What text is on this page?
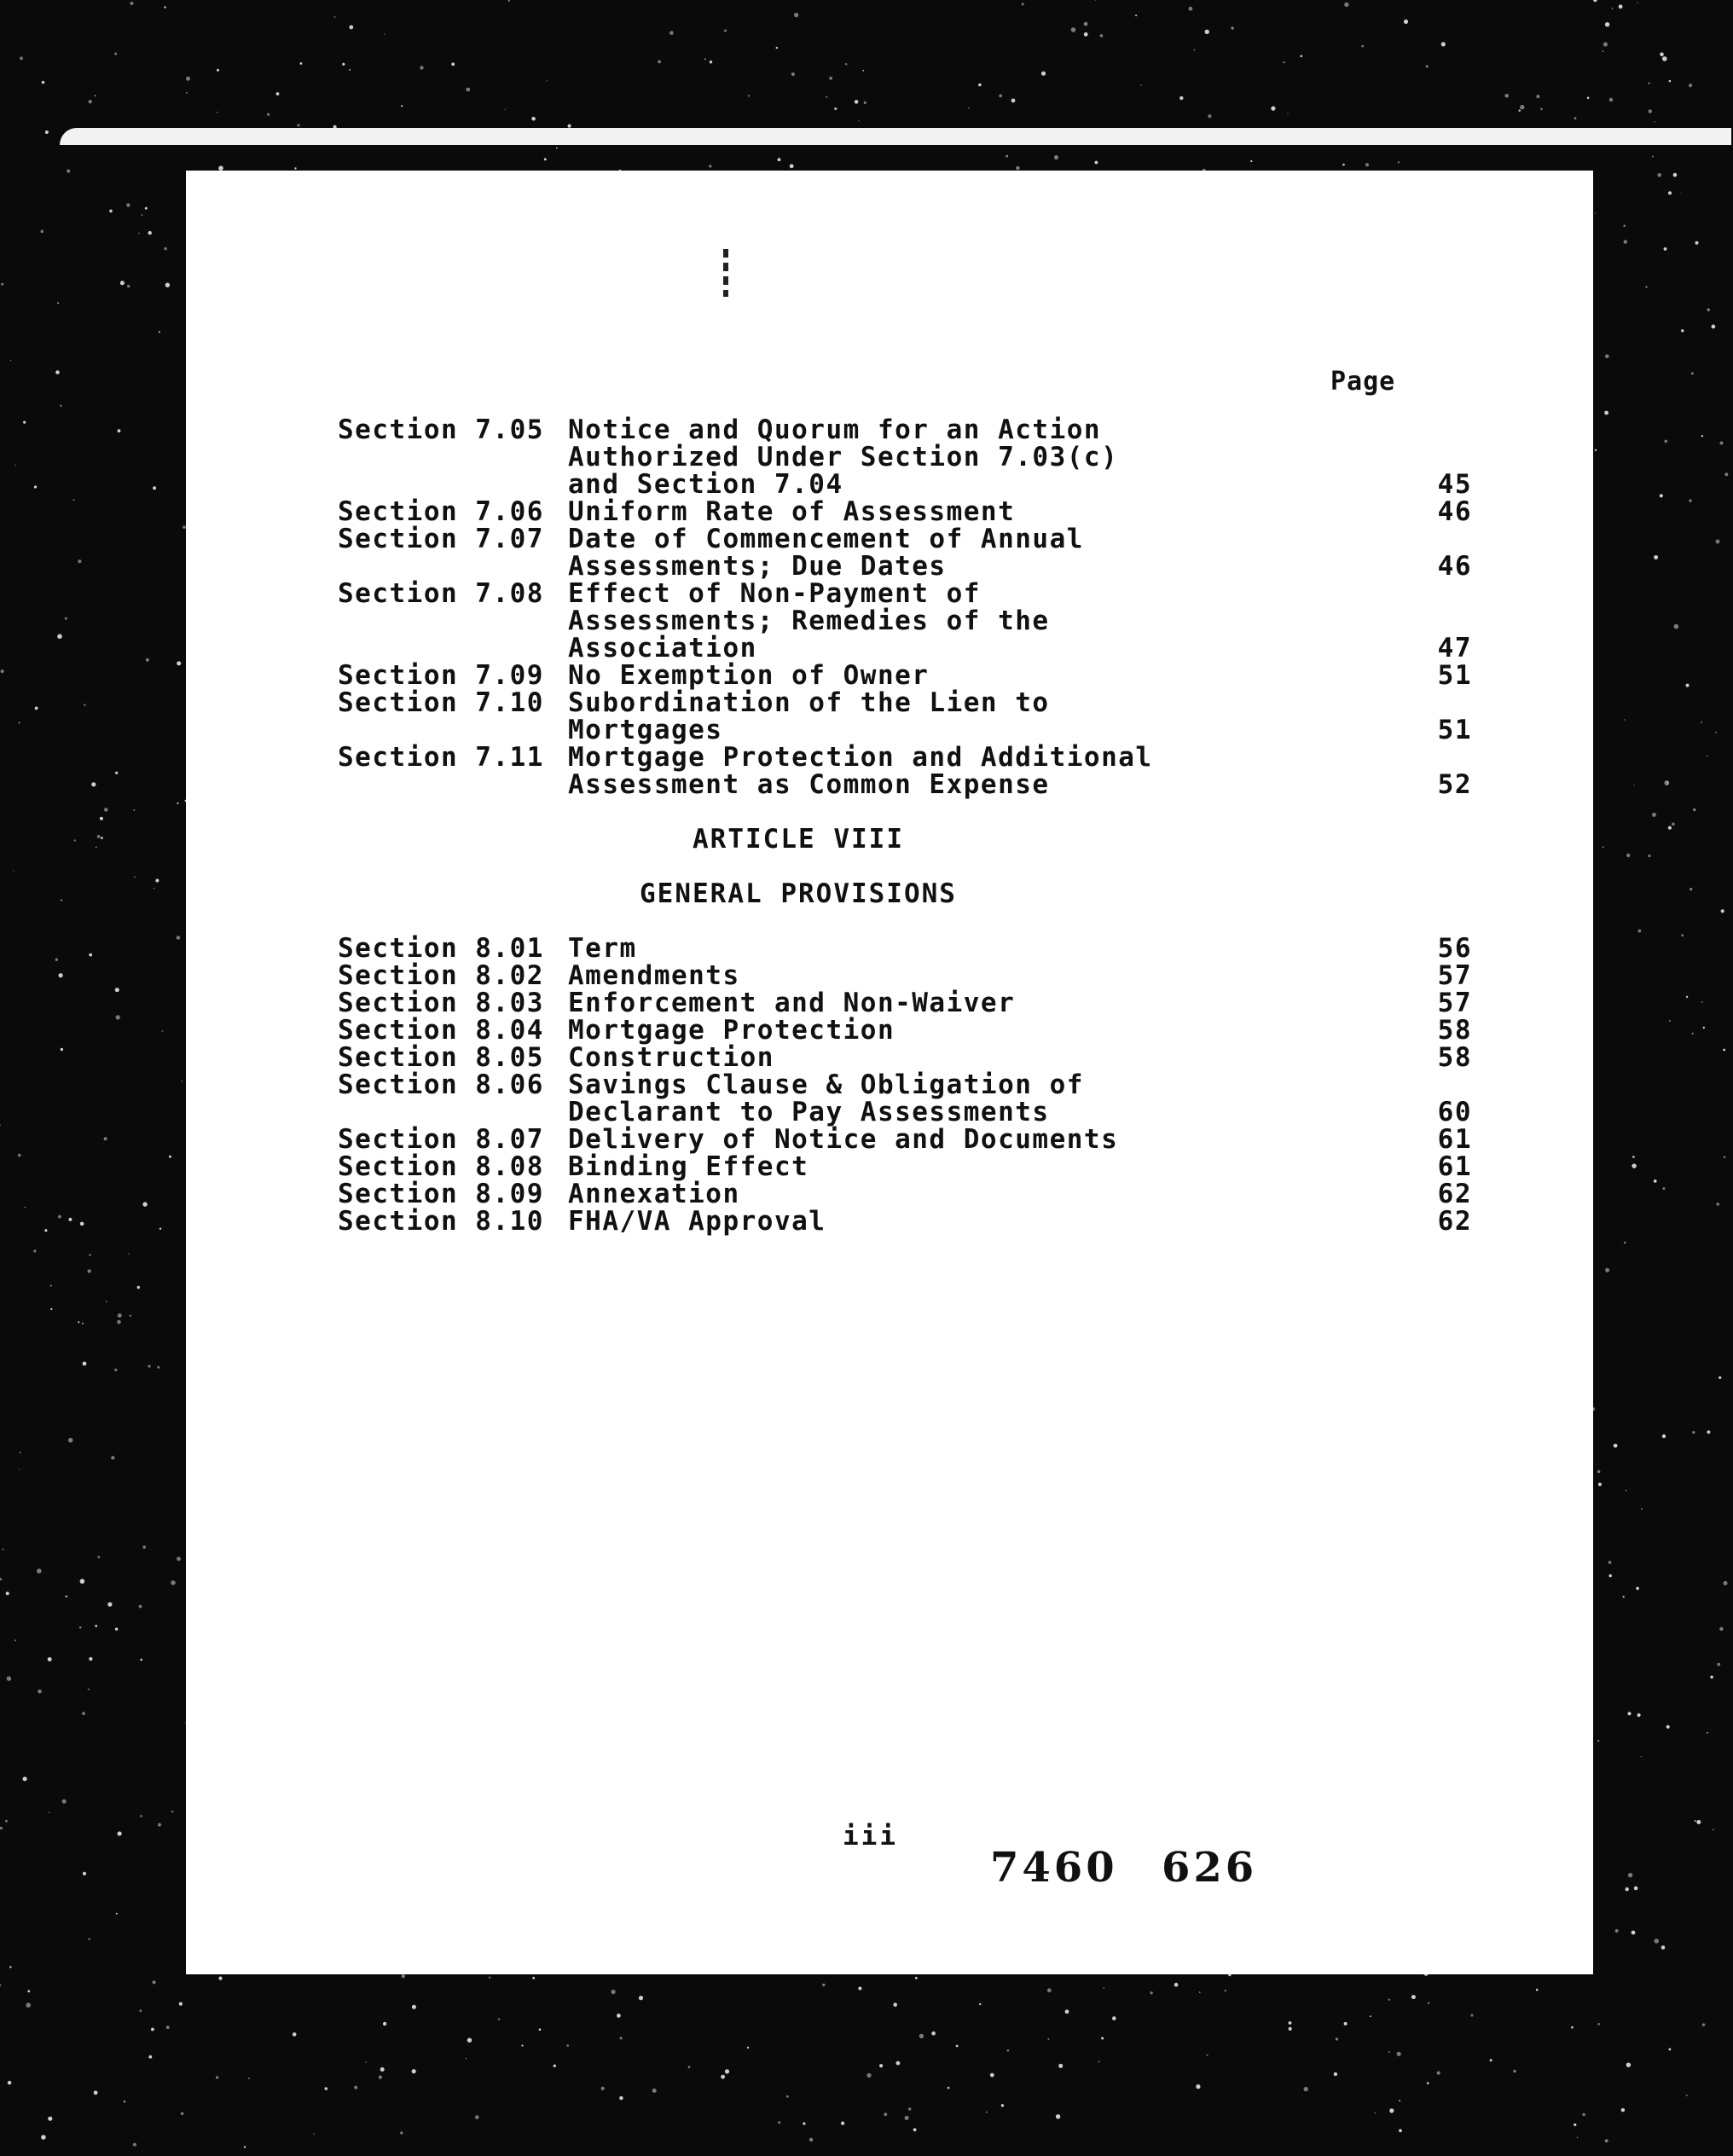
Page
Section 7.05 Notice and Quorum for an Action
Authorized Under Section 7.03(c)
and Section 7.04	45
Section 7.06 Uniform Rate of Assessment	46
Section 7.07 Date of Commencement of Annual
Assessments; Due Dates	46
Section 7.08 Effect of Non-Payment of
Assessments; Remedies of the
Association	47
Section 7.09 No Exemption of Owner	51
Section 7.10 Subordination of the Lien to
Mortgages	51
Section 7.11 Mortgage Protection and Additional
Assessment as Common Expense	52
ARTICLE VIII
GENERAL PROVISIONS
Section 8.01 Term	56
Section 8.02 Amendments	57
Section 8.03 Enforcement and Non-Waiver	57
Section 8.04 Mortgage Protection	58
Section 8.05 Construction	58
Section 8.06 Savings Clause & Obligation of
Declarant to Pay Assessments	60
Section 8.07 Delivery of Notice and Documents	61
Section 8.08 Binding Effect	61
Section 8.09 Annexation	62
Section 8.10 FHA/VA Approval	62
iii
7460 626
